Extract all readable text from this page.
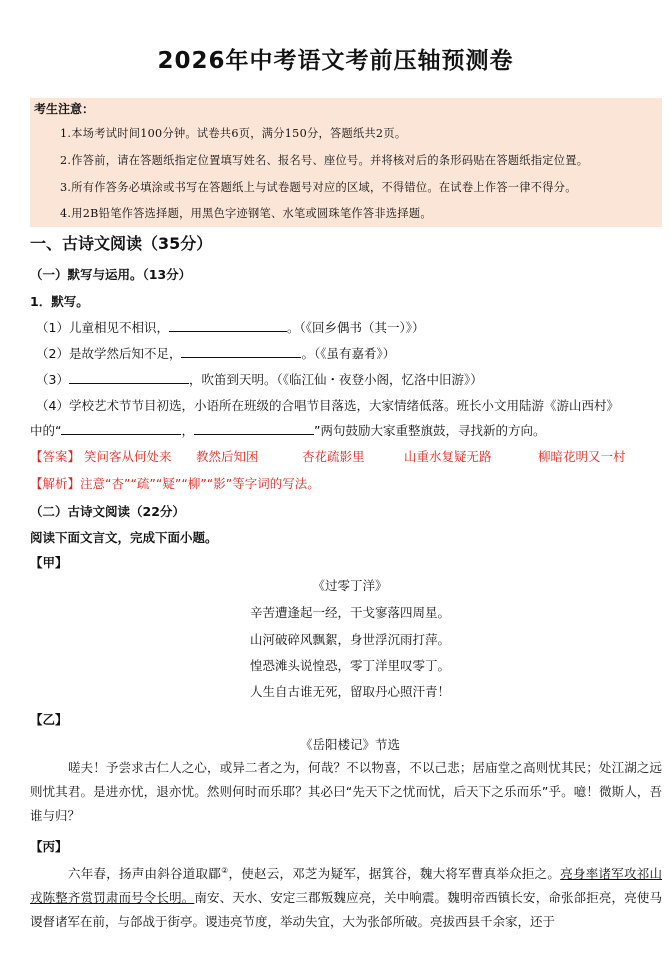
2026年中考语文考前压轴预测卷
考生注意：
1.本场考试时间100分钟。试卷共6页，满分150分，答题纸共2页。
2.作答前，请在答题纸指定位置填写姓名、报名号、座位号。并将核对后的条形码贴在答题纸指定位置。
3.所有作答务必填涂或书写在答题纸上与试卷题号对应的区域，不得错位。在试卷上作答一律不得分。
4.用2B铅笔作答选择题，用黑色字迹钢笔、水笔或圆珠笔作答非选择题。
一、古诗文阅读（35分）
（一）默写与运用。（13分）
1．默写。
（1）儿童相见不相识，	。（《回乡偶书（其一）》）
（2）是故学然后知不足，	。（《虽有嘉肴》）
（3）	，吹笛到天明。（《临江仙・夜登小阁，忆洛中旧游》）
（4）学校艺术节节目初选，小语所在班级的合唱节目落选，大家情绪低落。班长小文用陆游《游山西村》
中的“	，	”两句鼓励大家重整旗鼓，寻找新的方向。
【答案】 笑问客从何处来 教然后知困	杏花疏影里	山重水复疑无路	柳暗花明又一村
【解析】注意“杏”“疏”“疑”“柳”“影”等字词的写法。
（二）古诗文阅读（22分）
阅读下面文言文，完成下面小题。
【甲】
《过零丁洋》
辛苦遭逢起一经，干戈寥落四周星。
山河破碎风飘絮，身世浮沉雨打萍。
惶恐滩头说惶恐，零丁洋里叹零丁。
人生自古谁无死，留取丹心照汗青！
【乙】
《岳阳楼记》节选
嗟夫！予尝求古仁人之心，或异二者之为，何哉？不以物喜，不以己悲；居庙堂之高则忧其民；处江湖之远则忧其君。是进亦忧，退亦忧。然则何时而乐耶？其必曰“先天下之忧而忧，后天下之乐而乐”乎。噫！微斯人，吾谁与归？
【丙】
六年春，扬声由斜谷道取郿②，使赵云，邓芝为疑军，据箕谷，魏大将军曹真举众拒之。亮身率诸军攻祁山戎陈整齐赏罚肃而号令长明。南安、天水、安定三郡叛魏应亮，关中响震。魏明帝西镇长安，命张郃拒亮，亮使马谡督诸军在前，与郃战于街亭。谡违亮节度，举动失宜，大为张郃所破。亮拔西县千余家，还于
